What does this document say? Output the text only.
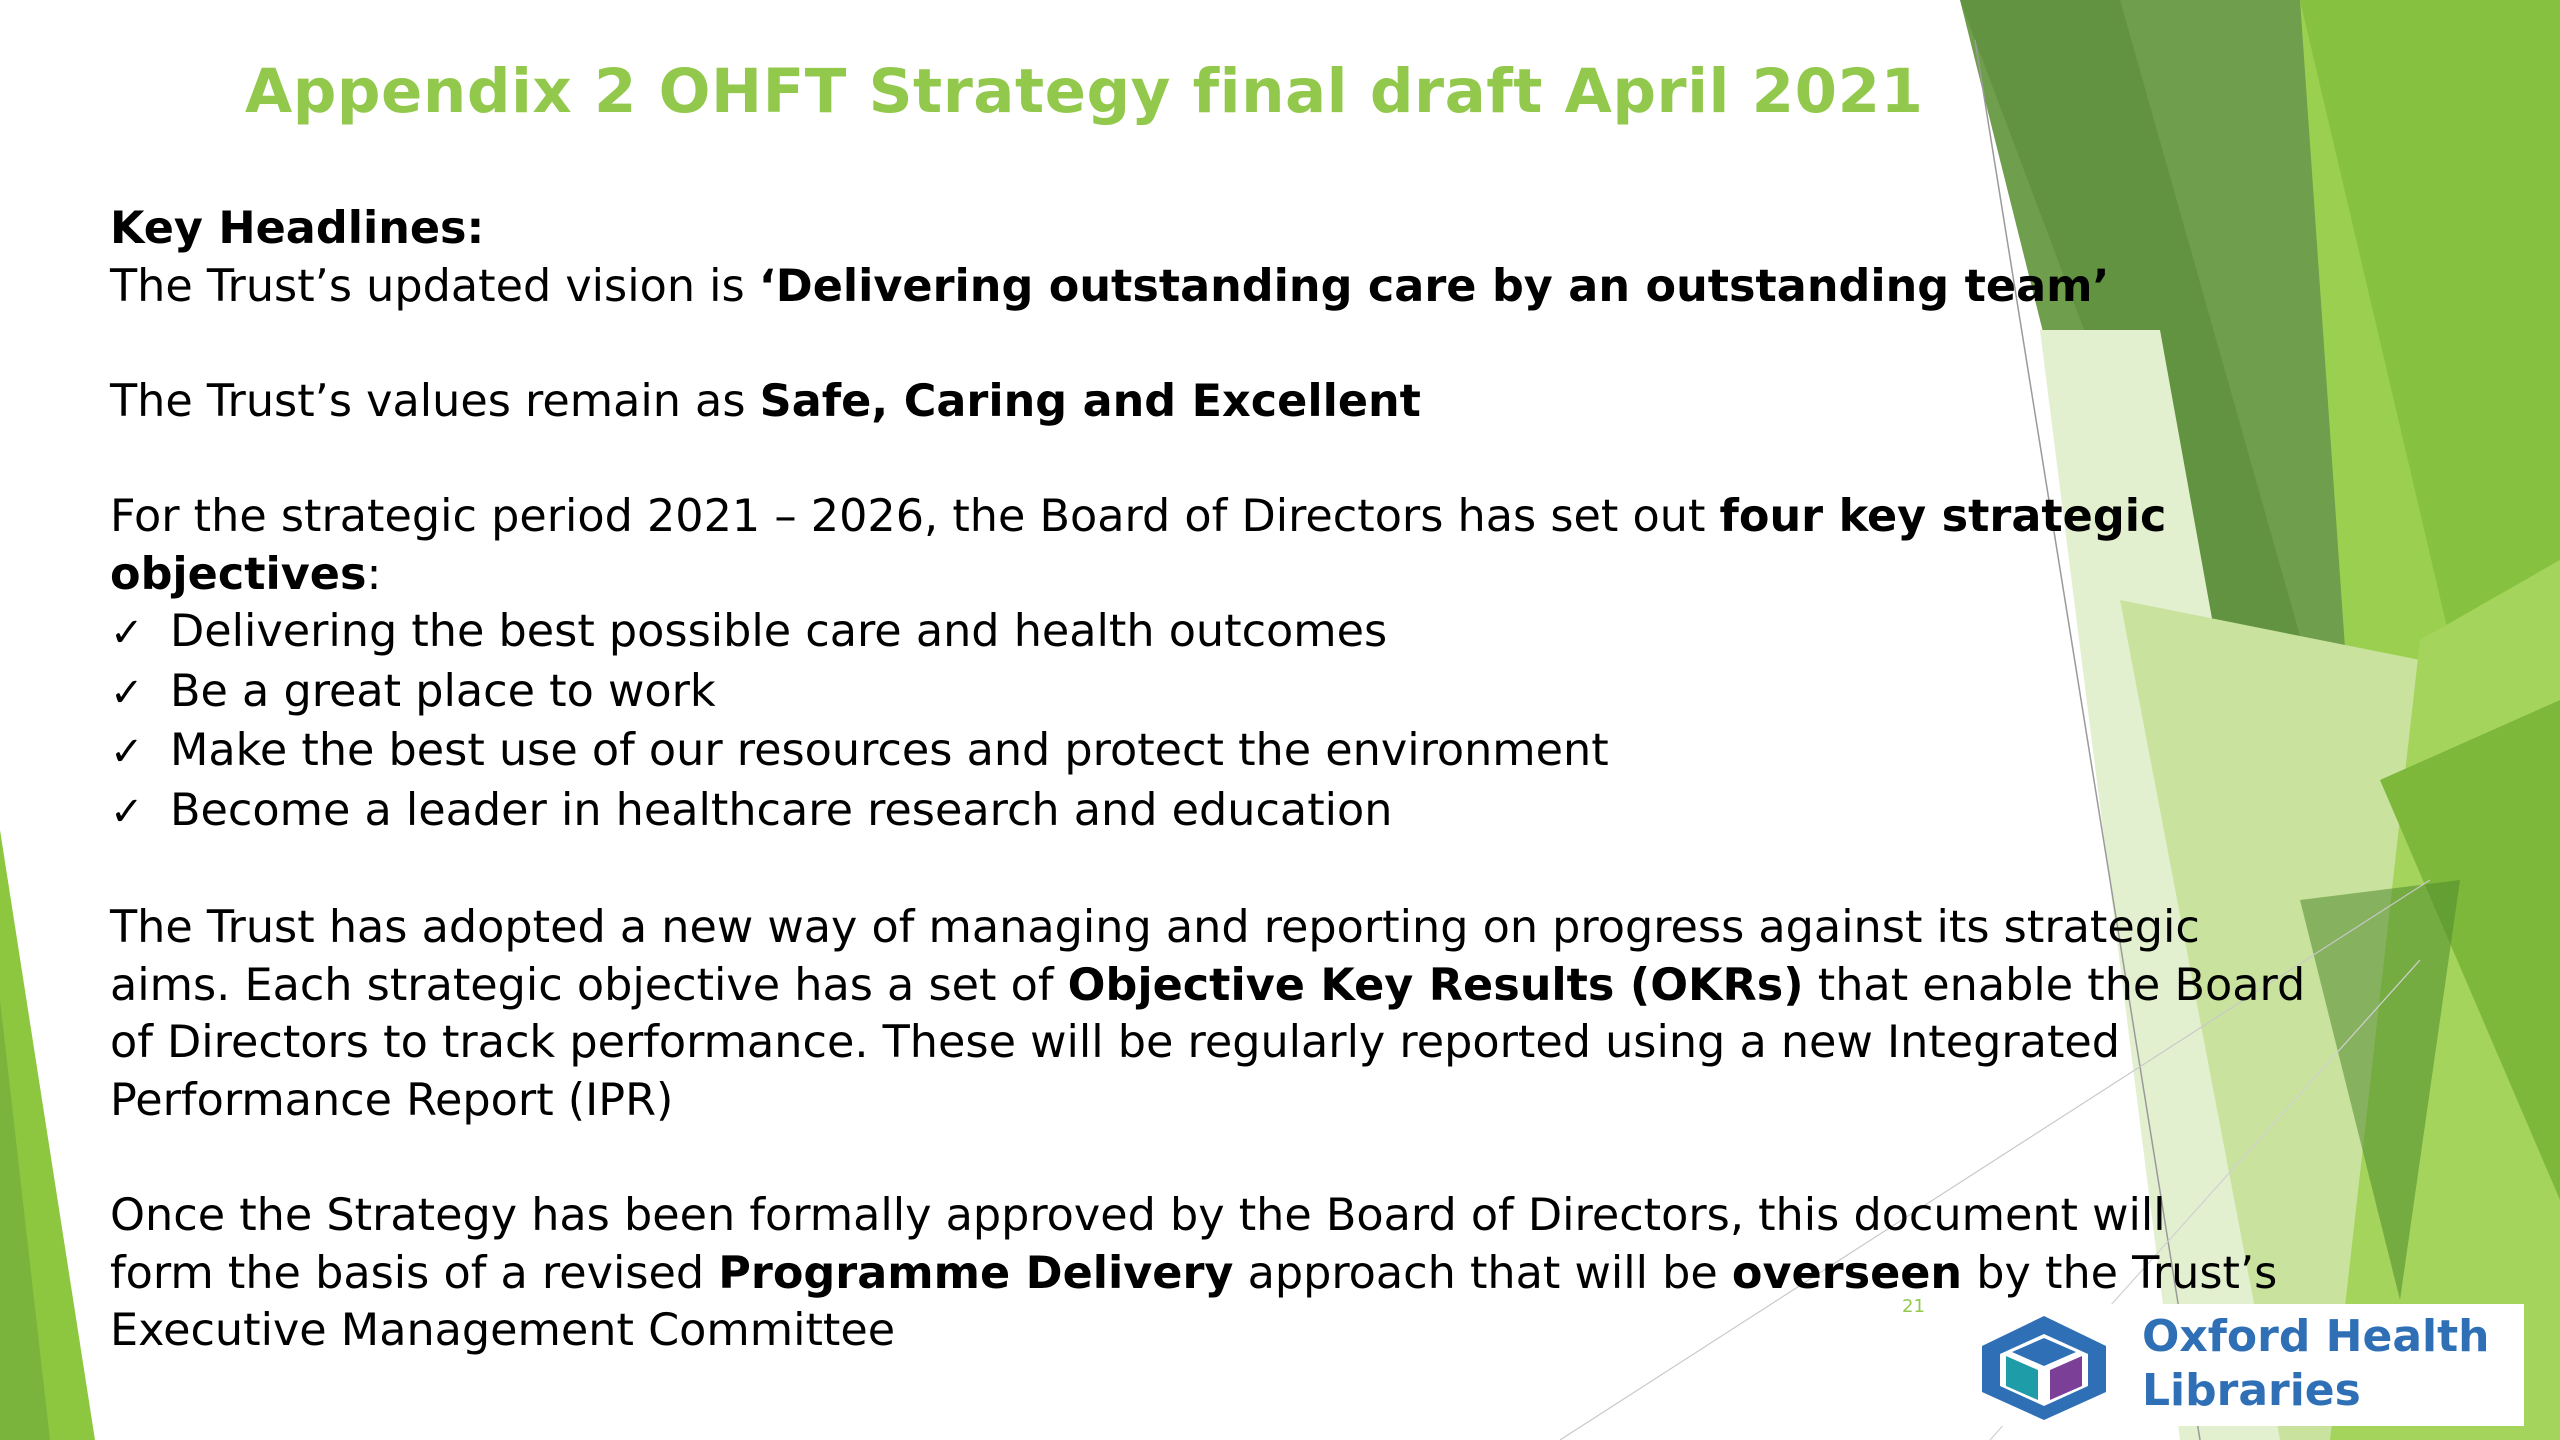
Appendix 2 OHFT Strategy final draft April 2021
Key Headlines:
The Trust’s updated vision is ‘Delivering outstanding care by an outstanding team’
The Trust’s values remain as Safe, Caring and Excellent
For the strategic period 2021 – 2026, the Board of Directors has set out four key strategic
objectives:
✓ Delivering the best possible care and health outcomes
✓ Be a great place to work
✓ Make the best use of our resources and protect the environment
✓ Become a leader in healthcare research and education
The Trust has adopted a new way of managing and reporting on progress against its strategic
aims. Each strategic objective has a set of Objective Key Results (OKRs) that enable the Board
of Directors to track performance. These will be regularly reported using a new Integrated
Performance Report (IPR)
Once the Strategy has been formally approved by the Board of Directors, this document will
form the basis of a revised Programme Delivery approach that will be overseen by the Trust’s
Executive Management Committee	21
Oxford Health
Libraries
